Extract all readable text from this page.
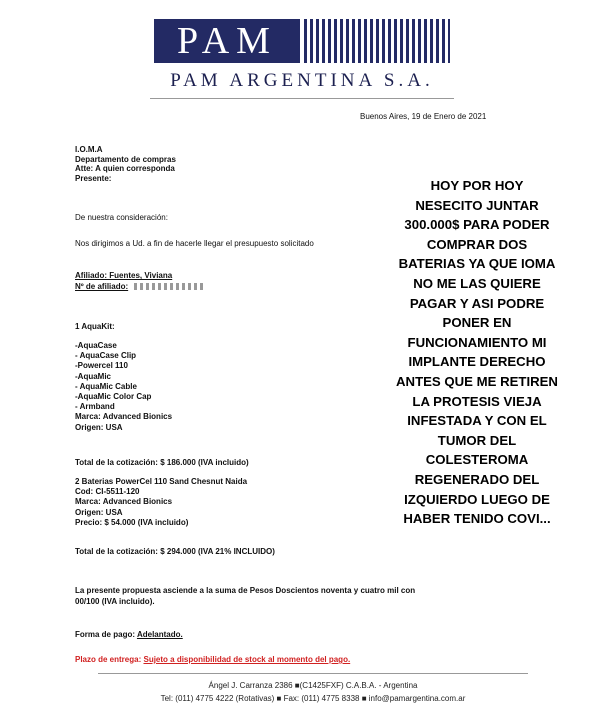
PAM
PAM ARGENTINA S.A.
Buenos Aires, 19 de Enero de 2021
I.O.M.A
Departamento de compras
Atte: A quien corresponda
Presente:
De nuestra consideración:
Nos dirigimos a Ud. a fin de hacerle llegar el presupuesto solicitado
Afiliado: Fuentes, Viviana
Nº de afiliado:
1 AquaKit:
-AquaCase
- AquaCase Clip
-Powercel 110
-AquaMic
- AquaMic Cable
-AquaMic Color Cap
- Armband
Marca: Advanced Bionics
Origen: USA
Total de la cotización: $ 186.000 (IVA incluido)
2 Baterias PowerCel 110 Sand Chesnut Naida
Cod: CI-5511-120
Marca: Advanced Bionics
Origen: USA
Precio: $ 54.000 (IVA incluido)
Total de la cotización: $ 294.000 (IVA 21% INCLUIDO)
La presente propuesta asciende a la suma de Pesos Doscientos noventa y cuatro mil con 00/100 (IVA incluido).
Forma de pago: Adelantado.
Plazo de entrega: Sujeto a disponibilidad de stock al momento del pago.
Ángel J. Carranza 2386 ■(C1425FXF) C.A.B.A. - Argentina
Tel: (011) 4775 4222 (Rotativas) ■ Fax: (011) 4775 8338 ■ info@pamargentina.com.ar
HOY POR HOY
NESECITO JUNTAR
300.000$ PARA PODER
COMPRAR DOS
BATERIAS YA QUE IOMA
NO ME LAS QUIERE
PAGAR Y ASI PODRE
PONER EN
FUNCIONAMIENTO MI
IMPLANTE DERECHO
ANTES QUE ME RETIREN
LA PROTESIS VIEJA
INFESTADA Y CON EL
TUMOR DEL
COLESTEROMA
REGENERADO DEL
IZQUIERDO LUEGO DE
HABER TENIDO COVI...
